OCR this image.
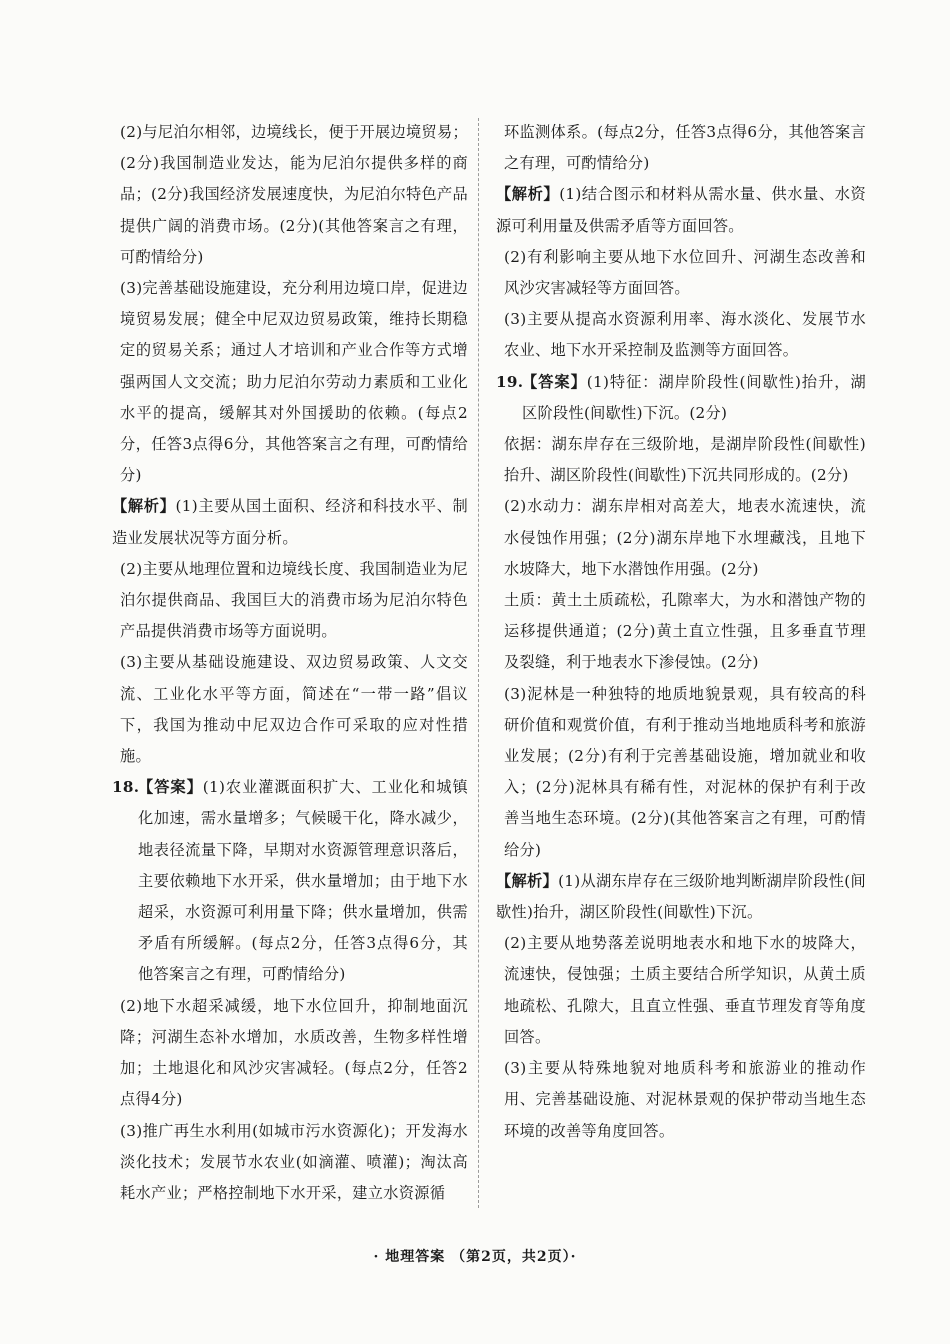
(2)与尼泊尔相邻，边境线长，便于开展边境贸易；(2分)我国制造业发达，能为尼泊尔提供多样的商品；(2分)我国经济发展速度快，为尼泊尔特色产品提供广阔的消费市场。(2分)(其他答案言之有理，可酌情给分)

(3)完善基础设施建设，充分利用边境口岸，促进边境贸易发展；健全中尼双边贸易政策，维持长期稳定的贸易关系；通过人才培训和产业合作等方式增强两国人文交流；助力尼泊尔劳动力素质和工业化水平的提高，缓解其对外国援助的依赖。(每点2分，任答3点得6分，其他答案言之有理，可酌情给分)

【解析】(1)主要从国土面积、经济和科技水平、制造业发展状况等方面分析。

(2)主要从地理位置和边境线长度、我国制造业为尼泊尔提供商品、我国巨大的消费市场为尼泊尔特色产品提供消费市场等方面说明。

(3)主要从基础设施建设、双边贸易政策、人文交流、工业化水平等方面，简述在“一带一路”倡议下，我国为推动中尼双边合作可采取的应对性措施。

18.

【答案】(1)农业灌溉面积扩大、工业化和城镇化加速，需水量增多；气候暖干化，降水减少，地表径流量下降，早期对水资源管理意识落后，主要依赖地下水开采，供水量增加；由于地下水超采，水资源可利用量下降；供水量增加，供需矛盾有所缓解。(每点2分，任答3点得6分，其他答案言之有理，可酌情给分)

(2)地下水超采减缓，地下水位回升，抑制地面沉降；河湖生态补水增加，水质改善，生物多样性增加；土地退化和风沙灾害减轻。(每点2分，任答2点得4分)

(3)推广再生水利用(如城市污水资源化)；开发海水淡化技术；发展节水农业(如滴灌、喷灌)；淘汰高耗水产业；严格控制地下水开采，建立水资源循

环监测体系。(每点2分，任答3点得6分，其他答案言之有理，可酌情给分)

【解析】(1)结合图示和材料从需水量、供水量、水资源可利用量及供需矛盾等方面回答。

(2)有利影响主要从地下水位回升、河湖生态改善和风沙灾害减轻等方面回答。

(3)主要从提高水资源利用率、海水淡化、发展节水农业、地下水开采控制及监测等方面回答。

19.

【答案】(1)特征：湖岸阶段性(间歇性)抬升，湖区阶段性(间歇性)下沉。(2分)

依据：湖东岸存在三级阶地，是湖岸阶段性(间歇性)抬升、湖区阶段性(间歇性)下沉共同形成的。(2分)

(2)水动力：湖东岸相对高差大，地表水流速快，流水侵蚀作用强；(2分)湖东岸地下水埋藏浅，且地下水坡降大，地下水潜蚀作用强。(2分)

土质：黄土土质疏松，孔隙率大，为水和潜蚀产物的运移提供通道；(2分)黄土直立性强，且多垂直节理及裂缝，利于地表水下渗侵蚀。(2分)

(3)泥林是一种独特的地质地貌景观，具有较高的科研价值和观赏价值，有利于推动当地地质科考和旅游业发展；(2分)有利于完善基础设施，增加就业和收入；(2分)泥林具有稀有性，对泥林的保护有利于改善当地生态环境。(2分)(其他答案言之有理，可酌情给分)

【解析】(1)从湖东岸存在三级阶地判断湖岸阶段性(间歇性)抬升，湖区阶段性(间歇性)下沉。

(2)主要从地势落差说明地表水和地下水的坡降大，流速快，侵蚀强；土质主要结合所学知识，从黄土质地疏松、孔隙大，且直立性强、垂直节理发育等角度回答。

(3)主要从特殊地貌对地质科考和旅游业的推动作用、完善基础设施、对泥林景观的保护带动当地生态环境的改善等角度回答。

· 地理答案 （第2页，共2页）·
